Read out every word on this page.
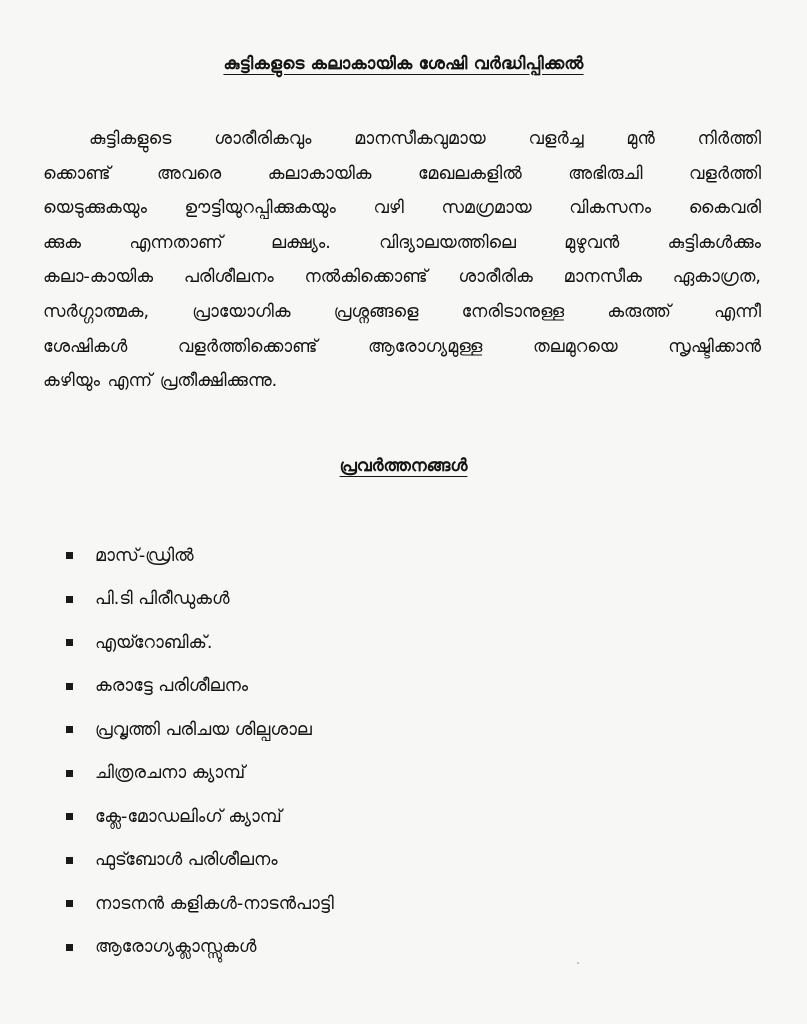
കുട്ടികളുടെ കലാകായിക ശേഷി വർദ്ധിപ്പിക്കൽ
കുട്ടികളുടെ ശാരീരികവും മാനസീകവുമായ വളർച്ച മുൻ നിർത്തി
ക്കൊണ്ട് അവരെ കലാകായിക മേഖലകളിൽ അഭിരുചി വളർത്തി
യെടുക്കുകയും ഊട്ടിയുറപ്പിക്കുകയും വഴി സമഗ്രമായ വികസനം കൈവരി
ക്കുക എന്നതാണ് ലക്ഷ്യം. വിദ്യാലയത്തിലെ മുഴുവൻ കുട്ടികൾക്കും
കലാ-കായിക പരിശീലനം നൽകിക്കൊണ്ട് ശാരീരിക മാനസീക ഏകാഗ്രത,
സർഗ്ഗാത്മക, പ്രായോഗിക പ്രശ്നങ്ങളെ നേരിടാനുള്ള കരുത്ത് എന്നീ
ശേഷികൾ വളർത്തിക്കൊണ്ട് ആരോഗ്യമുള്ള തലമുറയെ സൃഷ്ടിക്കാൻ
കഴിയും എന്ന് പ്രതീക്ഷിക്കുന്നു.
പ്രവർത്തനങ്ങൾ
മാസ്-ഡ്രിൽ
പി.ടി പിരീഡുകൾ
എയ്റോബിക്.
കരാട്ടേ പരിശീലനം
പ്രവൃത്തി പരിചയ ശില്പശാല
ചിത്രരചനാ ക്യാമ്പ്
ക്ലേ-മോഡലിംഗ് ക്യാമ്പ്
ഫുട്ബോൾ പരിശീലനം
നാടനൻ കളികൾ-നാടൻപാട്ടി
ആരോഗ്യക്ലാസ്സുകൾ
